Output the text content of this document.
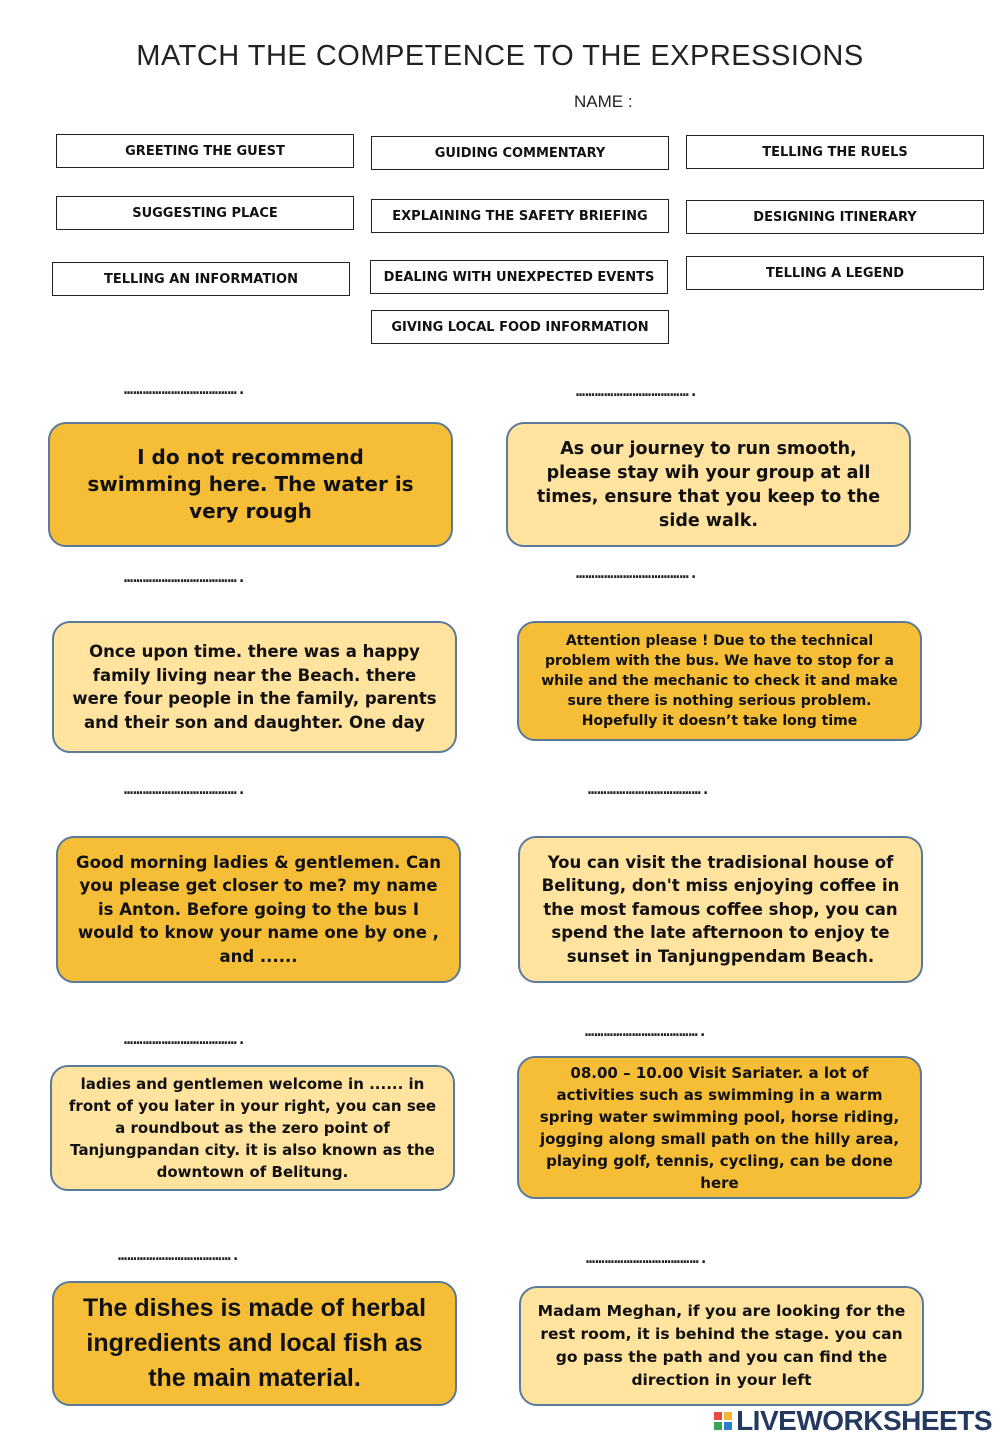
MATCH THE COMPETENCE TO THE EXPRESSIONS
NAME :
GREETING THE GUEST	GUIDING COMMENTARY	TELLING THE RUELS
SUGGESTING PLACE	EXPLAINING THE SAFETY BRIEFING	DESIGNING ITINERARY
TELLING AN INFORMATION	DEALING WITH UNEXPECTED EVENTS	TELLING A LEGEND
GIVING LOCAL FOOD INFORMATION
……………………………….	……………………………….
……………………………….	……………………………….
……………………………….	……………………………….
……………………………….	……………………………….
……………………………….	……………………………….
I do not recommend swimming here. The water is very rough
As our journey to run smooth, please stay wih your group at all times, ensure that you keep to the side walk.
Once upon time. there was a happy family living near the Beach. there were four people in the family, parents and their son and daughter. One day
Attention please ! Due to the technical problem with the bus. We have to stop for a while and the mechanic to check it and make sure there is nothing serious problem. Hopefully it doesn’t take long time
Good morning ladies & gentlemen. Can you please get closer to me? my name is Anton. Before going to the bus I would to know your name one by one , and ......
You can visit the tradisional house of Belitung, don't miss enjoying coffee in the most famous coffee shop, you can spend the late afternoon to enjoy te sunset in Tanjungpendam Beach.
ladies and gentlemen welcome in ...... in front of you later in your right, you can see a roundbout as the zero point of Tanjungpandan city. it is also known as the downtown of Belitung.
08.00 – 10.00 Visit Sariater. a lot of activities such as swimming in a warm spring water swimming pool, horse riding, jogging along small path on the hilly area, playing golf, tennis, cycling, can be done here
The dishes is made of herbal ingredients and local fish as the main material.
Madam Meghan, if you are looking for the rest room, it is behind the stage. you can go pass the path and you can find the direction in your left
LIVEWORKSHEETS
